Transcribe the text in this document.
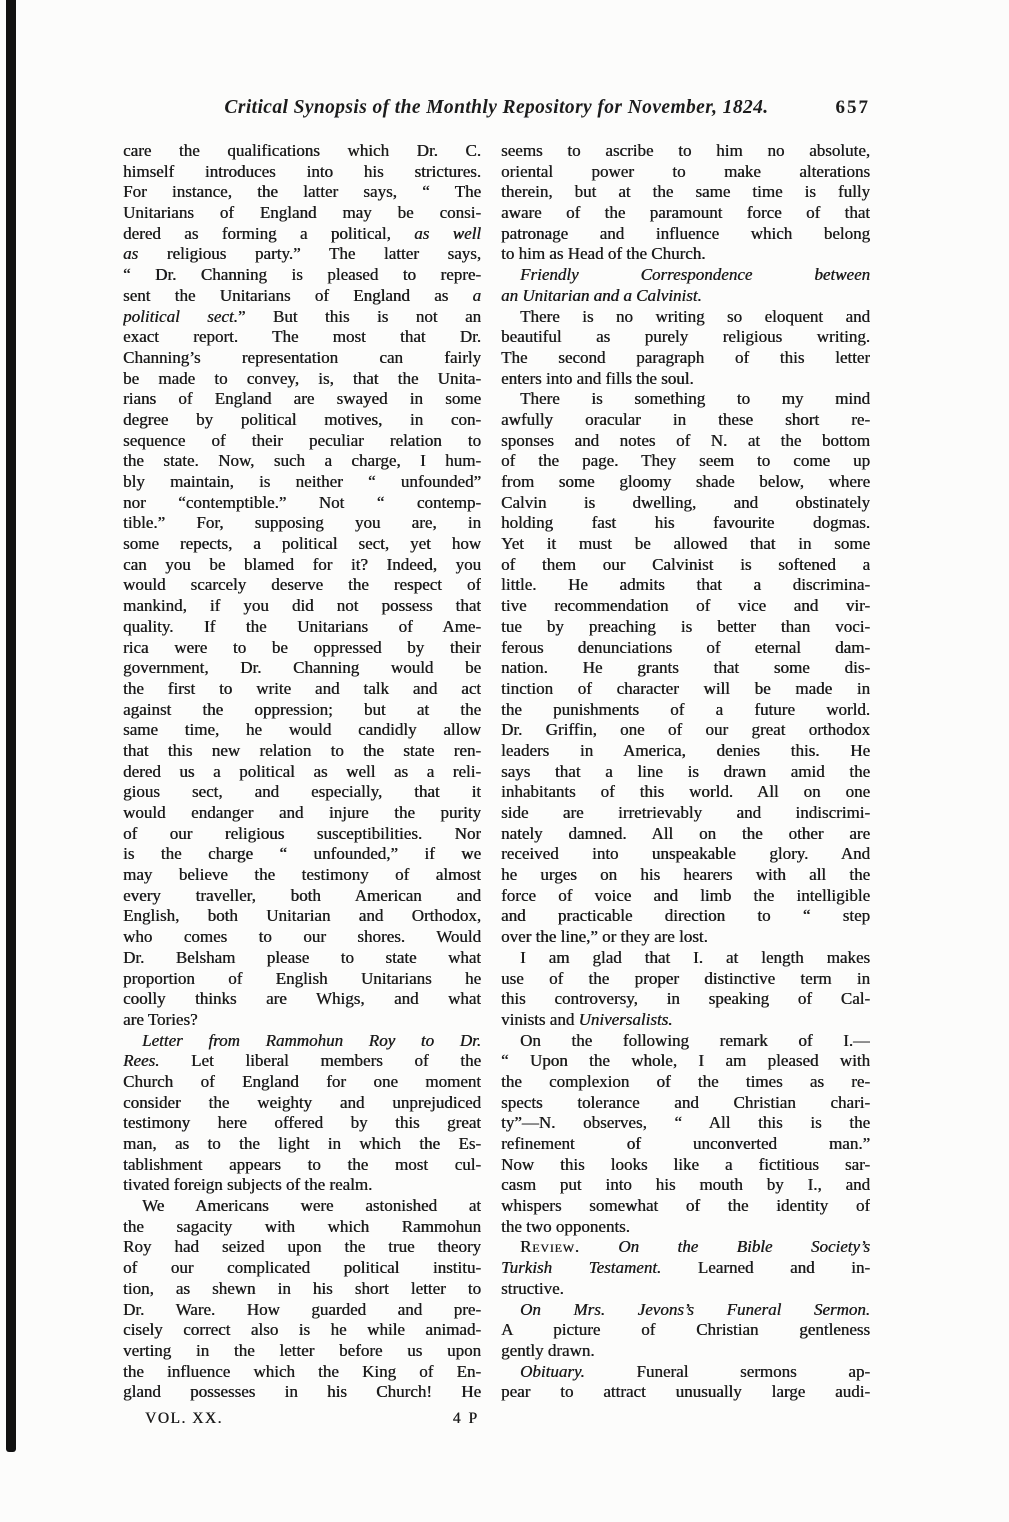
Critical Synopsis of the Monthly Repository for November, 1824.	657
care the qualifications which Dr. C.
himself introduces into his strictures.
For instance, the latter says, “ The
Unitarians of England may be consi-
dered as forming a political, as well
as religious party.” The latter says,
“ Dr. Channing is pleased to repre-
sent the Unitarians of England as a
political sect.” But this is not an
exact report. The most that Dr.
Channing’s representation can fairly
be made to convey, is, that the Unita-
rians of England are swayed in some
degree by political motives, in con-
sequence of their peculiar relation to
the state. Now, such a charge, I hum-
bly maintain, is neither “ unfounded”
nor “contemptible.” Not “ contemp-
tible.” For, supposing you are, in
some repects, a political sect, yet how
can you be blamed for it? Indeed, you
would scarcely deserve the respect of
mankind, if you did not possess that
quality. If the Unitarians of Ame-
rica were to be oppressed by their
government, Dr. Channing would be
the first to write and talk and act
against the oppression; but at the
same time, he would candidly allow
that this new relation to the state ren-
dered us a political as well as a reli-
gious sect, and especially, that it
would endanger and injure the purity
of our religious susceptibilities. Nor
is the charge “ unfounded,” if we
may believe the testimony of almost
every traveller, both American and
English, both Unitarian and Orthodox,
who comes to our shores. Would
Dr. Belsham please to state what
proportion of English Unitarians he
coolly thinks are Whigs, and what
are Tories?
Letter from Rammohun Roy to Dr.
Rees. Let liberal members of the
Church of England for one moment
consider the weighty and unprejudiced
testimony here offered by this great
man, as to the light in which the Es-
tablishment appears to the most cul-
tivated foreign subjects of the realm.
We Americans were astonished at
the sagacity with which Rammohun
Roy had seized upon the true theory
of our complicated political institu-
tion, as shewn in his short letter to
Dr. Ware. How guarded and pre-
cisely correct also is he while animad-
verting in the letter before us upon
the influence which the King of En-
gland possesses in his Church! He
VOL. XX.	4 P
seems to ascribe to him no absolute,
oriental power to make alterations
therein, but at the same time is fully
aware of the paramount force of that
patronage and influence which belong
to him as Head of the Church.
Friendly Correspondence between
an Unitarian and a Calvinist.
There is no writing so eloquent and
beautiful as purely religious writing.
The second paragraph of this letter
enters into and fills the soul.
There is something to my mind
awfully oracular in these short re-
sponses and notes of N. at the bottom
of the page. They seem to come up
from some gloomy shade below, where
Calvin is dwelling, and obstinately
holding fast his favourite dogmas.
Yet it must be allowed that in some
of them our Calvinist is softened a
little. He admits that a discrimina-
tive recommendation of vice and vir-
tue by preaching is better than voci-
ferous denunciations of eternal dam-
nation. He grants that some dis-
tinction of character will be made in
the punishments of a future world.
Dr. Griffin, one of our great orthodox
leaders in America, denies this. He
says that a line is drawn amid the
inhabitants of this world. All on one
side are irretrievably and indiscrimi-
nately damned. All on the other are
received into unspeakable glory. And
he urges on his hearers with all the
force of voice and limb the intelligible
and practicable direction to “ step
over the line,” or they are lost.
I am glad that I. at length makes
use of the proper distinctive term in
this controversy, in speaking of Cal-
vinists and Universalists.
On the following remark of I.—
“ Upon the whole, I am pleased with
the complexion of the times as re-
spects tolerance and Christian chari-
ty”—N. observes, “ All this is the
refinement of unconverted man.”
Now this looks like a fictitious sar-
casm put into his mouth by I., and
whispers somewhat of the identity of
the two opponents.
Review. On the Bible Society’s
Turkish Testament. Learned and in-
structive.
On Mrs. Jevons’s Funeral Sermon.
A picture of Christian gentleness
gently drawn.
Obituary. Funeral sermons ap-
pear to attract unusually large audi-
